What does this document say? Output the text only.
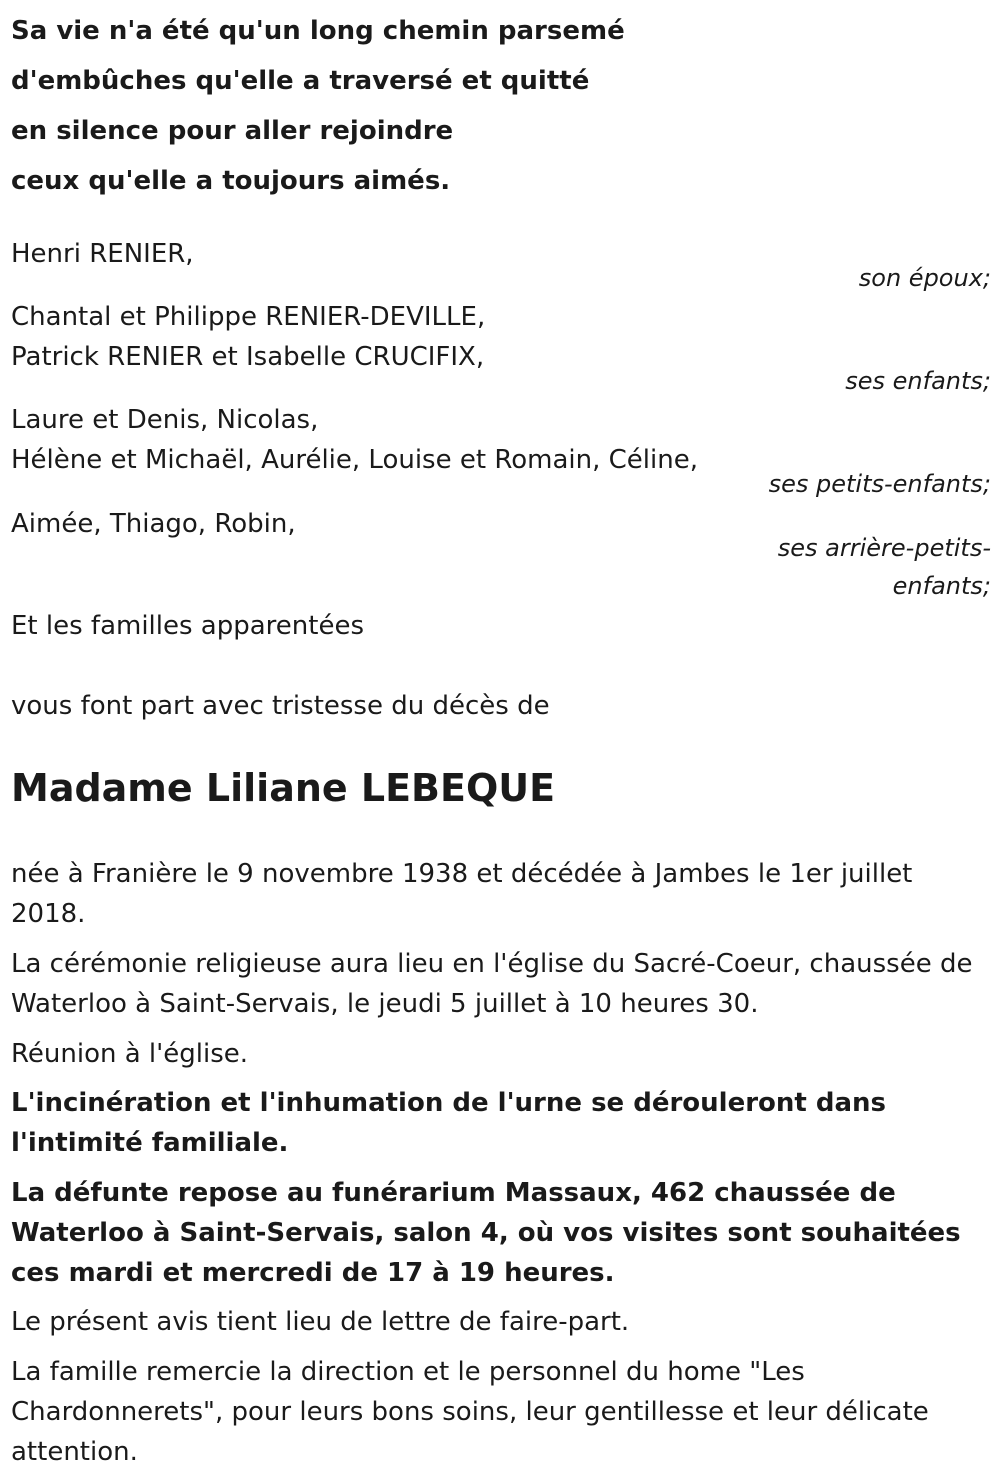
Sa vie n'a été qu'un long chemin parsemé
d'embûches qu'elle a traversé et quitté
en silence pour aller rejoindre
ceux qu'elle a toujours aimés.
Henri RENIER,
son époux;
Chantal et Philippe RENIER-DEVILLE,
Patrick RENIER et Isabelle CRUCIFIX,
ses enfants;
Laure et Denis, Nicolas,
Hélène et Michaël, Aurélie, Louise et Romain, Céline,
ses petits-enfants;
Aimée, Thiago, Robin,
ses arrière-petits-
enfants;
Et les familles apparentées
vous font part avec tristesse du décès de
Madame Liliane LEBEQUE
née à Franière le 9 novembre 1938 et décédée à Jambes le 1er juillet 2018.
La cérémonie religieuse aura lieu en l'église du Sacré-Coeur, chaussée de Waterloo à Saint-Servais, le jeudi 5 juillet à 10 heures 30.
Réunion à l'église.
L'incinération et l'inhumation de l'urne se dérouleront dans l'intimité familiale.
La défunte repose au funérarium Massaux, 462 chaussée de Waterloo à Saint-Servais, salon 4, où vos visites sont souhaitées ces mardi et mercredi de 17 à 19 heures.
Le présent avis tient lieu de lettre de faire-part.
La famille remercie la direction et le personnel du home "Les Chardonnerets", pour leurs bons soins, leur gentillesse et leur délicate attention.
